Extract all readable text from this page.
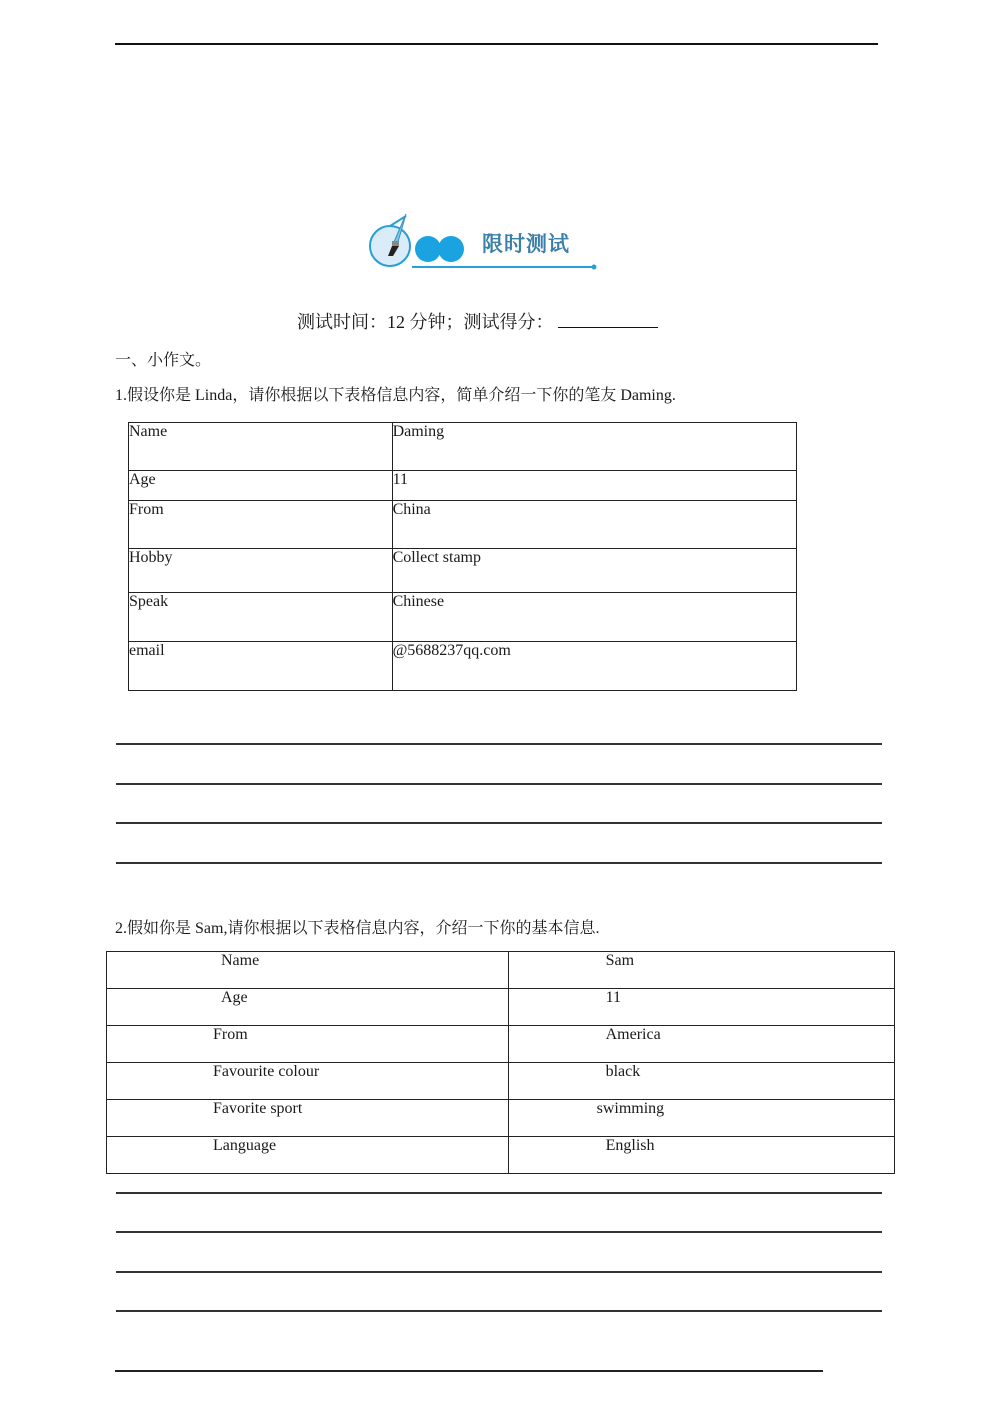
限时测试
测试时间：12 分钟；测试得分：
一、小作文。
1.假设你是 Linda，请你根据以下表格信息内容，简单介绍一下你的笔友 Daming.
Name	Daming
Age	11
From	China
Hobby	Collect stamp
Speak	Chinese
email	@5688237qq.com
2.假如你是 Sam,请你根据以下表格信息内容，介绍一下你的基本信息.
Name	Sam
Age	11
From	America
Favourite colour	black
Favorite sport	swimming
Language	English
